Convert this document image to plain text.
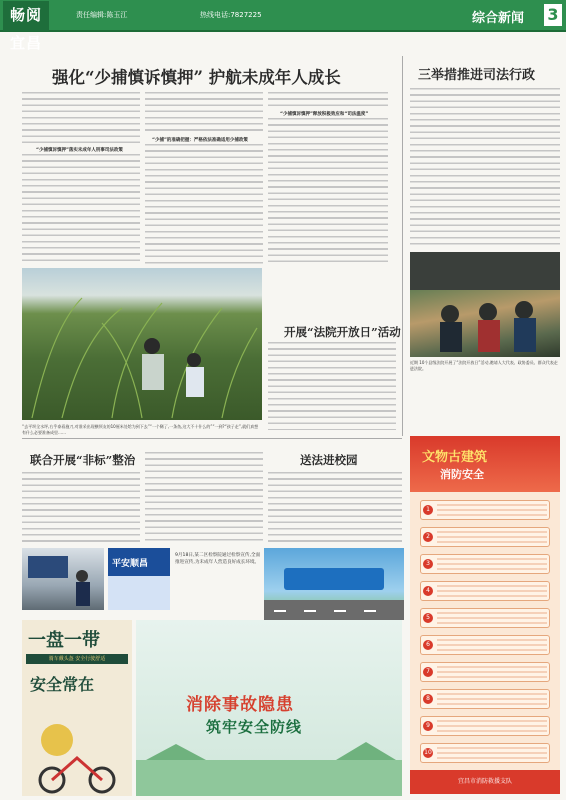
畅阅宜昌
责任编辑:陈玉江	热线电话:7827225	综合新闻 3
强化“少捕慎诉慎押” 护航未成年人成长
“少捕慎诉慎押”落实未成年人刑事司法政策
“少捕”的准确把握：严格依法准确适用少捕政策
“少捕慎诉慎押”释放积极效应和“司法温度”
三举措推进司法行政
近期 10个县级法院开展了“法院开放日”活动,邀请人大代表、政协委员、群众代表走进法院。
“去平坝全水坪,右乎泰看施刀,对准采出现横须友的10厘米处给为到下去”“一个稀了,一条鱼,这大不十什么的”“一到?“孩子走”,就们真想有什么必要准备成里……
开展“法院开放日”活动
联合开展“非标”整治	送法进校园
平安顺昌
9月18日,某二区检察院通过检察宣传,全面推进宣传,为未成年人营造良好成长环境。
一盘一带
骑车戴头盔 安全行驶舒适
安全常在
消除事故隐患
筑牢安全防线
文物古建筑
消防安全
1
2
3
4
5
6
7
8
9
10
宜昌市消防救援支队
